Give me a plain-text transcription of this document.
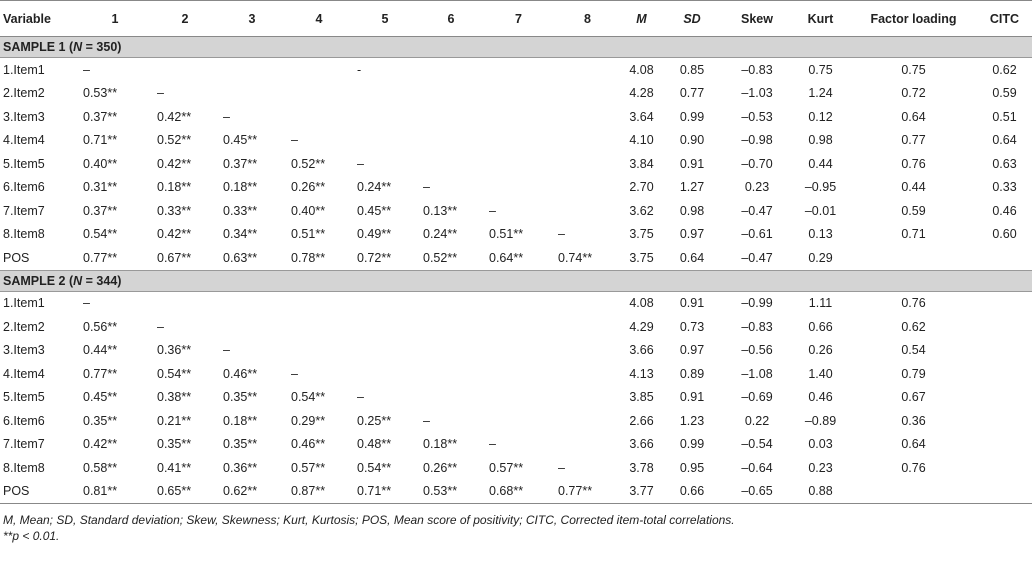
Variable	1	2	3	4	5	6	7	8	M	SD	Skew	Kurt	Factor loading	CITC
SAMPLE 1 (N = 350)														
1.Item1	–				-				4.08	0.85	–0.83	0.75	0.75	0.62
2.Item2	0.53**	–							4.28	0.77	–1.03	1.24	0.72	0.59
3.Item3	0.37**	0.42**	–						3.64	0.99	–0.53	0.12	0.64	0.51
4.Item4	0.71**	0.52**	0.45**	–					4.10	0.90	–0.98	0.98	0.77	0.64
5.Item5	0.40**	0.42**	0.37**	0.52**	–				3.84	0.91	–0.70	0.44	0.76	0.63
6.Item6	0.31**	0.18**	0.18**	0.26**	0.24**	–			2.70	1.27	0.23	–0.95	0.44	0.33
7.Item7	0.37**	0.33**	0.33**	0.40**	0.45**	0.13**	–		3.62	0.98	–0.47	–0.01	0.59	0.46
8.Item8	0.54**	0.42**	0.34**	0.51**	0.49**	0.24**	0.51**	–	3.75	0.97	–0.61	0.13	0.71	0.60
POS	0.77**	0.67**	0.63**	0.78**	0.72**	0.52**	0.64**	0.74**	3.75	0.64	–0.47	0.29		
SAMPLE 2 (N = 344)														
1.Item1	–								4.08	0.91	–0.99	1.11	0.76	
2.Item2	0.56**	–							4.29	0.73	–0.83	0.66	0.62	
3.Item3	0.44**	0.36**	–						3.66	0.97	–0.56	0.26	0.54	
4.Item4	0.77**	0.54**	0.46**	–					4.13	0.89	–1.08	1.40	0.79	
5.Item5	0.45**	0.38**	0.35**	0.54**	–				3.85	0.91	–0.69	0.46	0.67	
6.Item6	0.35**	0.21**	0.18**	0.29**	0.25**	–			2.66	1.23	0.22	–0.89	0.36	
7.Item7	0.42**	0.35**	0.35**	0.46**	0.48**	0.18**	–		3.66	0.99	–0.54	0.03	0.64	
8.Item8	0.58**	0.41**	0.36**	0.57**	0.54**	0.26**	0.57**	–	3.78	0.95	–0.64	0.23	0.76	
POS	0.81**	0.65**	0.62**	0.87**	0.71**	0.53**	0.68**	0.77**	3.77	0.66	–0.65	0.88		
M, Mean; SD, Standard deviation; Skew, Skewness; Kurt, Kurtosis; POS, Mean score of positivity; CITC, Corrected item-total correlations.
**p < 0.01.
